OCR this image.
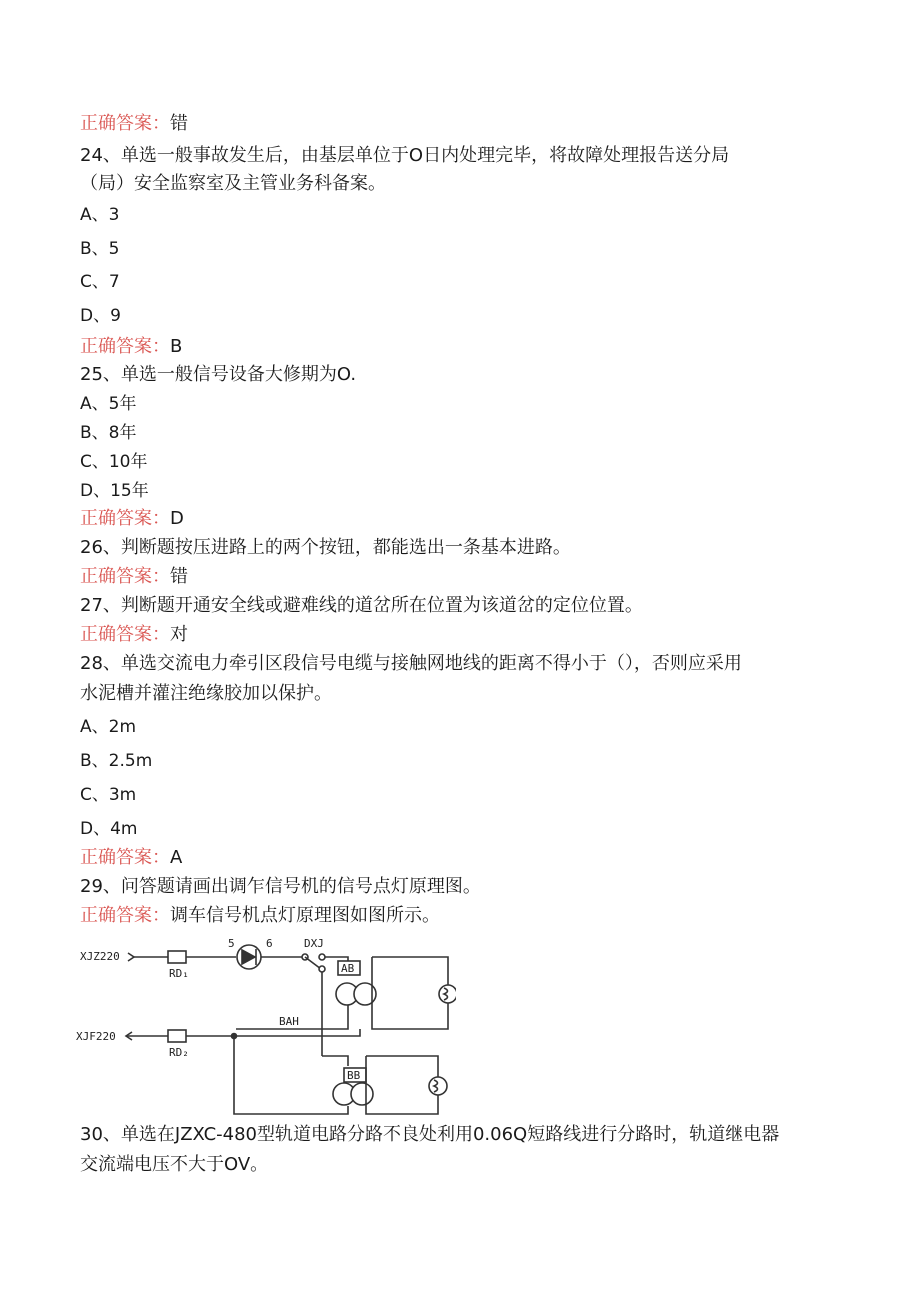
正确答案：错
24、单选一般事故发生后，由基层单位于O日内处理完毕，将故障处理报告送分局
（局）安全监察室及主管业务科备案。
A、3
B、5
C、7
D、9
正确答案：B
25、单选一般信号设备大修期为O.
A、5年
B、8年
C、10年
D、15年
正确答案：D
26、判断题按压进路上的两个按钮，都能选出一条基本进路。
正确答案：错
27、判断题开通安全线或避难线的道岔所在位置为该道岔的定位位置。
正确答案：对
28、单选交流电力牵引区段信号电缆与接触网地线的距离不得小于（），否则应采用
水泥槽并灌注绝缘胶加以保护。
A、2m
B、2.5m
C、3m
D、4m
正确答案：A
29、问答题请画出调乍信号机的信号点灯原理图。
正确答案：调车信号机点灯原理图如图所示。
XJZ220
XJF220
RD₁
RD₂
5	6	DXJ
AB
BB
BAH
30、单选在JZXC-480型轨道电路分路不良处利用0.06Q短路线进行分路时，轨道继电器
交流端电压不大于OV。
